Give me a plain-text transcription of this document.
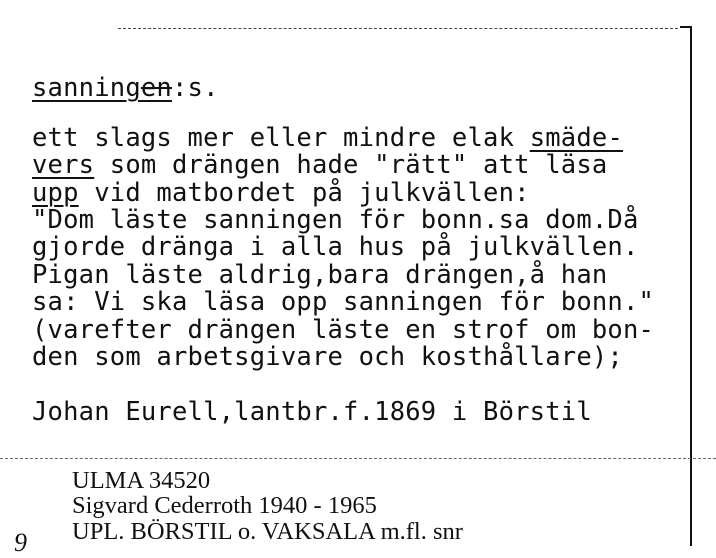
sanningen:s.
ett slags mer eller mindre elak smäde-
vers som drängen hade "rätt" att läsa
upp vid matbordet på julkvällen:
"Dom läste sanningen för bonn.sa dom.Då
gjorde dränga i alla hus på julkvällen.
Pigan läste aldrig,bara drängen,å han
sa: Vi ska läsa opp sanningen för bonn."
(varefter drängen läste en strof om bon-
den som arbetsgivare och kosthållare);
Johan Eurell,lantbr.f.1869 i Börstil
ULMA 34520
Sigvard Cederroth 1940 - 1965
UPL. BÖRSTIL o. VAKSALA m.fl. snr
9
